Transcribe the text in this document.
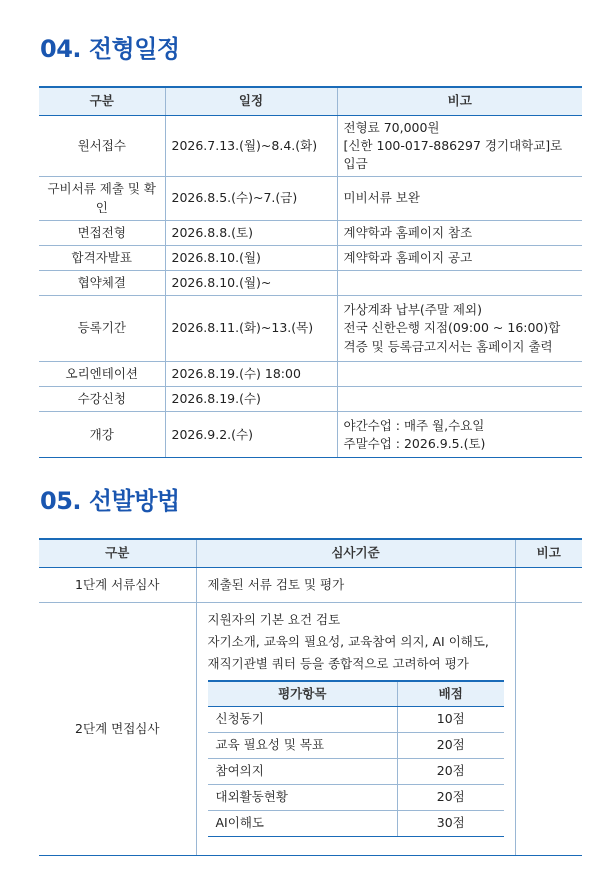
04. 전형일정
구분	일정	비고
원서접수	2026.7.13.(월)~8.4.(화)	전형료 70,000원
[신한 100-017-886297 경기대학교]로 입금

구비서류 제출 및 확인	2026.8.5.(수)~7.(금)	미비서류 보완

면접전형	2026.8.8.(토)	계약학과 홈페이지 참조

합격자발표	2026.8.10.(월)	계약학과 홈페이지 공고

협약체결	2026.8.10.(월)~	

등록기간	2026.8.11.(화)~13.(목)	가상계좌 납부(주말 제외)
전국 신한은행 지점(09:00 ~ 16:00)합
격증 및 등록금고지서는 홈페이지 출력

오리엔테이션	2026.8.19.(수) 18:00	

수강신청	2026.8.19.(수)	

개강	2026.9.2.(수)	야간수업 : 매주 월,수요일
주말수업 : 2026.9.5.(토)
05. 선발방법
구분	심사기준	비고
1단계 서류심사	제출된 서류 검토 및 평가	
2단계 면접심사	

지원자의 기본 요건 검토

자기소개, 교육의 필요성, 교육참여 의지, AI 이해도,

재직기관별 쿼터 등을 종합적으로 고려하여 평가

평가항목	배점
신청동기	10점
교육 필요성 및 목표	20점
참여의지	20점
대외활동현황	20점
AI이해도	30점
